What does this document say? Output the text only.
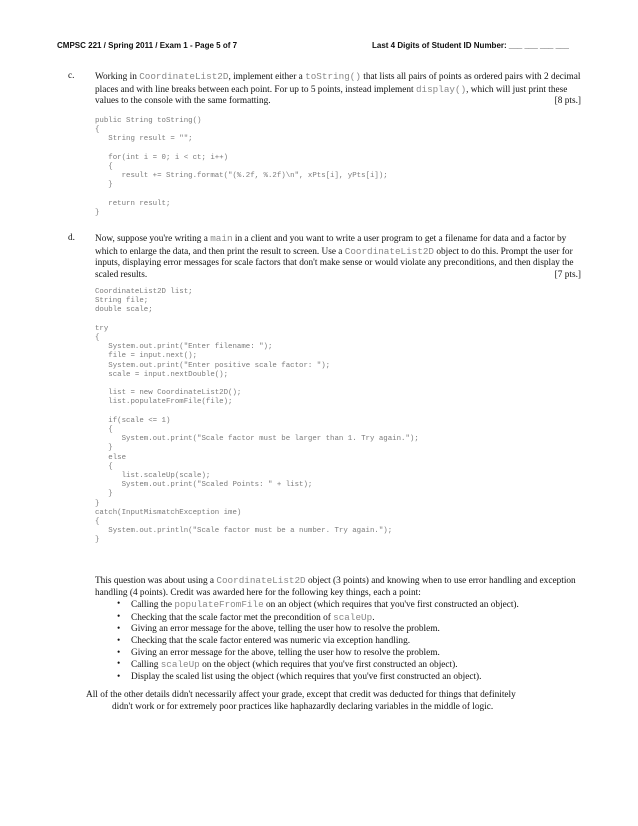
CMPSC 221 / Spring 2011 / Exam 1 - Page 5 of 7	Last 4 Digits of Student ID Number: ___ ___ ___ ___
c. Working in CoordinateList2D, implement either a toString() that lists all pairs of points as ordered pairs with 2 decimal places and with line breaks between each point. For up to 5 points, instead implement display(), which will just print these values to the console with the same formatting.	[8 pts.]
public String toString()
{
String result = "";

for(int i = 0; i < ct; i++)
{
result += String.format("(%.2f, %.2f)\n", xPts[i], yPts[i]);
}

return result;
}
d. Now, suppose you're writing a main in a client and you want to write a user program to get a filename for data and a factor by which to enlarge the data, and then print the result to screen. Use a CoordinateList2D object to do this. Prompt the user for inputs, displaying error messages for scale factors that don't make sense or would violate any preconditions, and then display the scaled results.	[7 pts.]
CoordinateList2D list;
String file;
double scale;

try
{
System.out.print("Enter filename: ");
file = input.next();
System.out.print("Enter positive scale factor: ");
scale = input.nextDouble();

list = new CoordinateList2D();
list.populateFromFile(file);

if(scale <= 1)
{
System.out.print("Scale factor must be larger than 1. Try again.");
}
else
{
list.scaleUp(scale);
System.out.print("Scaled Points: " + list);
}
}
catch(InputMismatchException ime)
{
System.out.println("Scale factor must be a number. Try again.");
}

This question was about using a CoordinateList2D object (3 points) and knowing when to use error handling and exception handling (4 points). Credit was awarded here for the following key things, each a point:

• Calling the populateFromFile on an object (which requires that you've first constructed an object).
• Checking that the scale factor met the precondition of scaleUp.
• Giving an error message for the above, telling the user how to resolve the problem.
• Checking that the scale factor entered was numeric via exception handling.
• Giving an error message for the above, telling the user how to resolve the problem.
• Calling scaleUp on the object (which requires that you've first constructed an object).
• Display the scaled list using the object (which requires that you've first constructed an object).
All of the other details didn't necessarily affect your grade, except that credit was deducted for things that definitely
didn't work or for extremely poor practices like haphazardly declaring variables in the middle of logic.
